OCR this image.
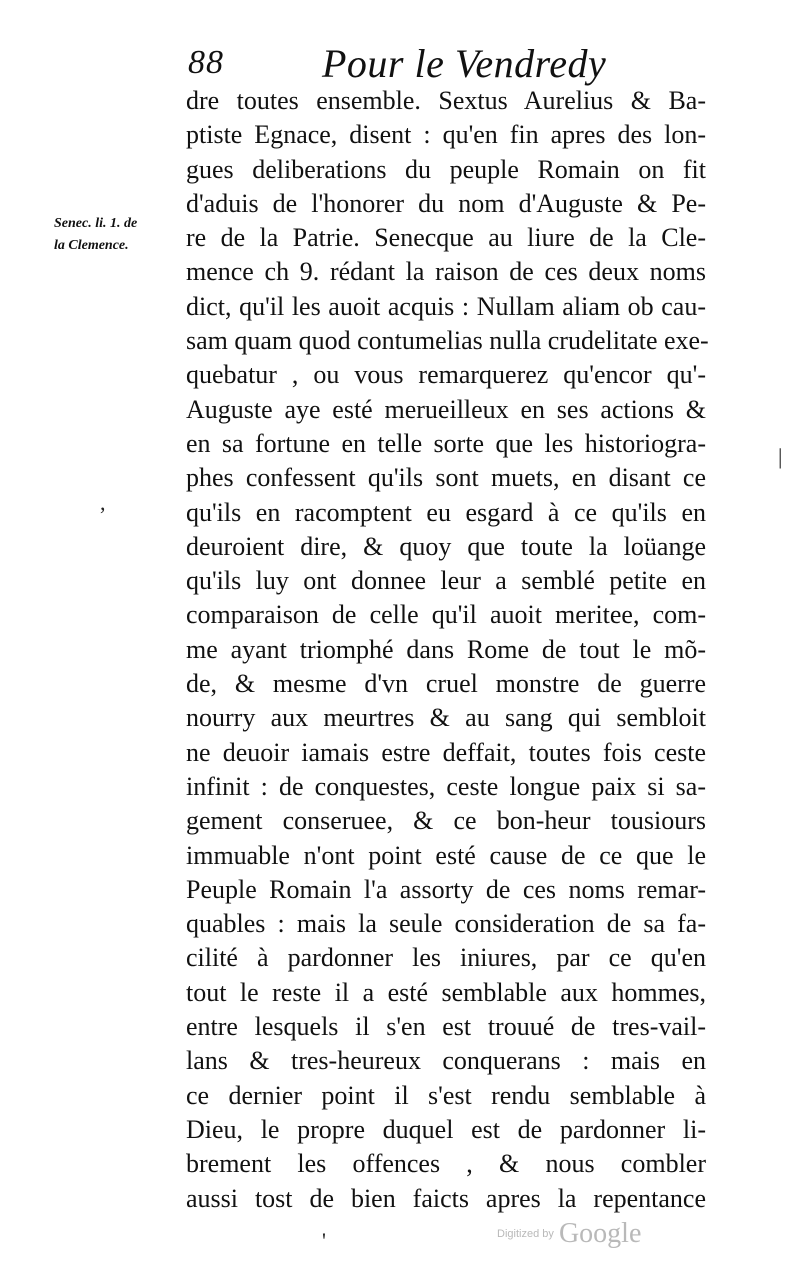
88 Pour le Vendredy
Senec. li. 1. de
la Clemence.
dre toutes ensemble. Sextus Aurelius & Ba-
ptiste Egnace, disent : qu'en fin apres des lon-
gues deliberations du peuple Romain on fit
d'aduis de l'honorer du nom d'Auguste & Pe-
re de la Patrie. Senecque au liure de la Cle-
mence ch 9. rédant la raison de ces deux noms
dict, qu'il les auoit acquis : Nullam aliam ob cau-
sam quam quod contumelias nulla crudelitate exe-
quebatur , ou vous remarquerez qu'encor qu'-
Auguste aye esté merueilleux en ses actions &
en sa fortune en telle sorte que les historiogra-
phes confessent qu'ils sont muets, en disant ce
qu'ils en racomptent eu esgard à ce qu'ils en
deuroient dire, & quoy que toute la loüange
qu'ils luy ont donnee leur a semblé petite en
comparaison de celle qu'il auoit meritee, com-
me ayant triomphé dans Rome de tout le mõ-
de, & mesme d'vn cruel monstre de guerre
nourry aux meurtres & au sang qui sembloit
ne deuoir iamais estre deffait, toutes fois ceste
infinit : de conquestes, ceste longue paix si sa-
gement conseruee, & ce bon-heur tousiours
immuable n'ont point esté cause de ce que le
Peuple Romain l'a assorty de ces noms remar-
quables : mais la seule consideration de sa fa-
cilité à pardonner les iniures, par ce qu'en
tout le reste il a esté semblable aux hommes,
entre lesquels il s'en est trouué de tres-vail-
lans & tres-heureux conquerans : mais en
ce dernier point il s'est rendu semblable à
Dieu, le propre duquel est de pardonner li-
brement les offences , & nous combler
aussi tost de bien faicts apres la repentance
|
,
'	Digitized by Google
